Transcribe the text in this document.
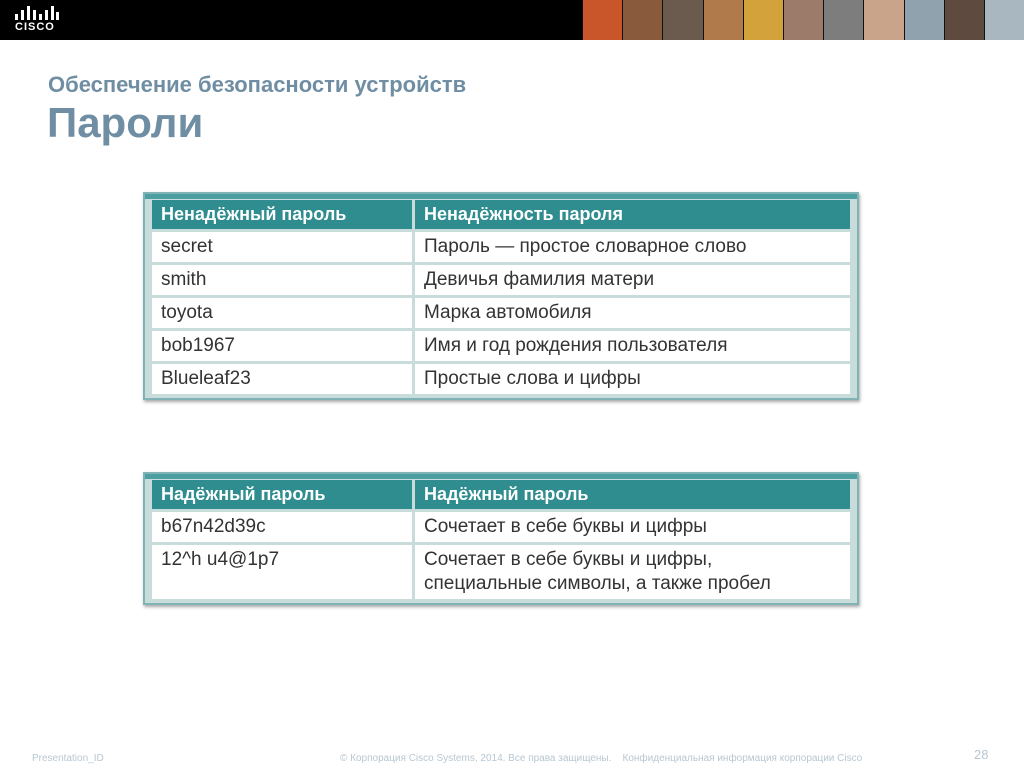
CISCO
Обеспечение безопасности устройств
Пароли
Ненадёжный пароль	Ненадёжность пароля
secret	Пароль — простое словарное слово
smith	Девичья фамилия матери
toyota	Марка автомобиля
bob1967	Имя и год рождения пользователя
Blueleaf23	Простые слова и цифры
Надёжный пароль	Надёжный пароль
b67n42d39c	Сочетает в себе буквы и цифры
12^h u4@1p7	Сочетает в себе буквы и цифры,
специальные символы, а также пробел
Presentation_ID	© Корпорация Cisco Systems, 2014. Все права защищены.    Конфиденциальная информация корпорации Cisco	28
